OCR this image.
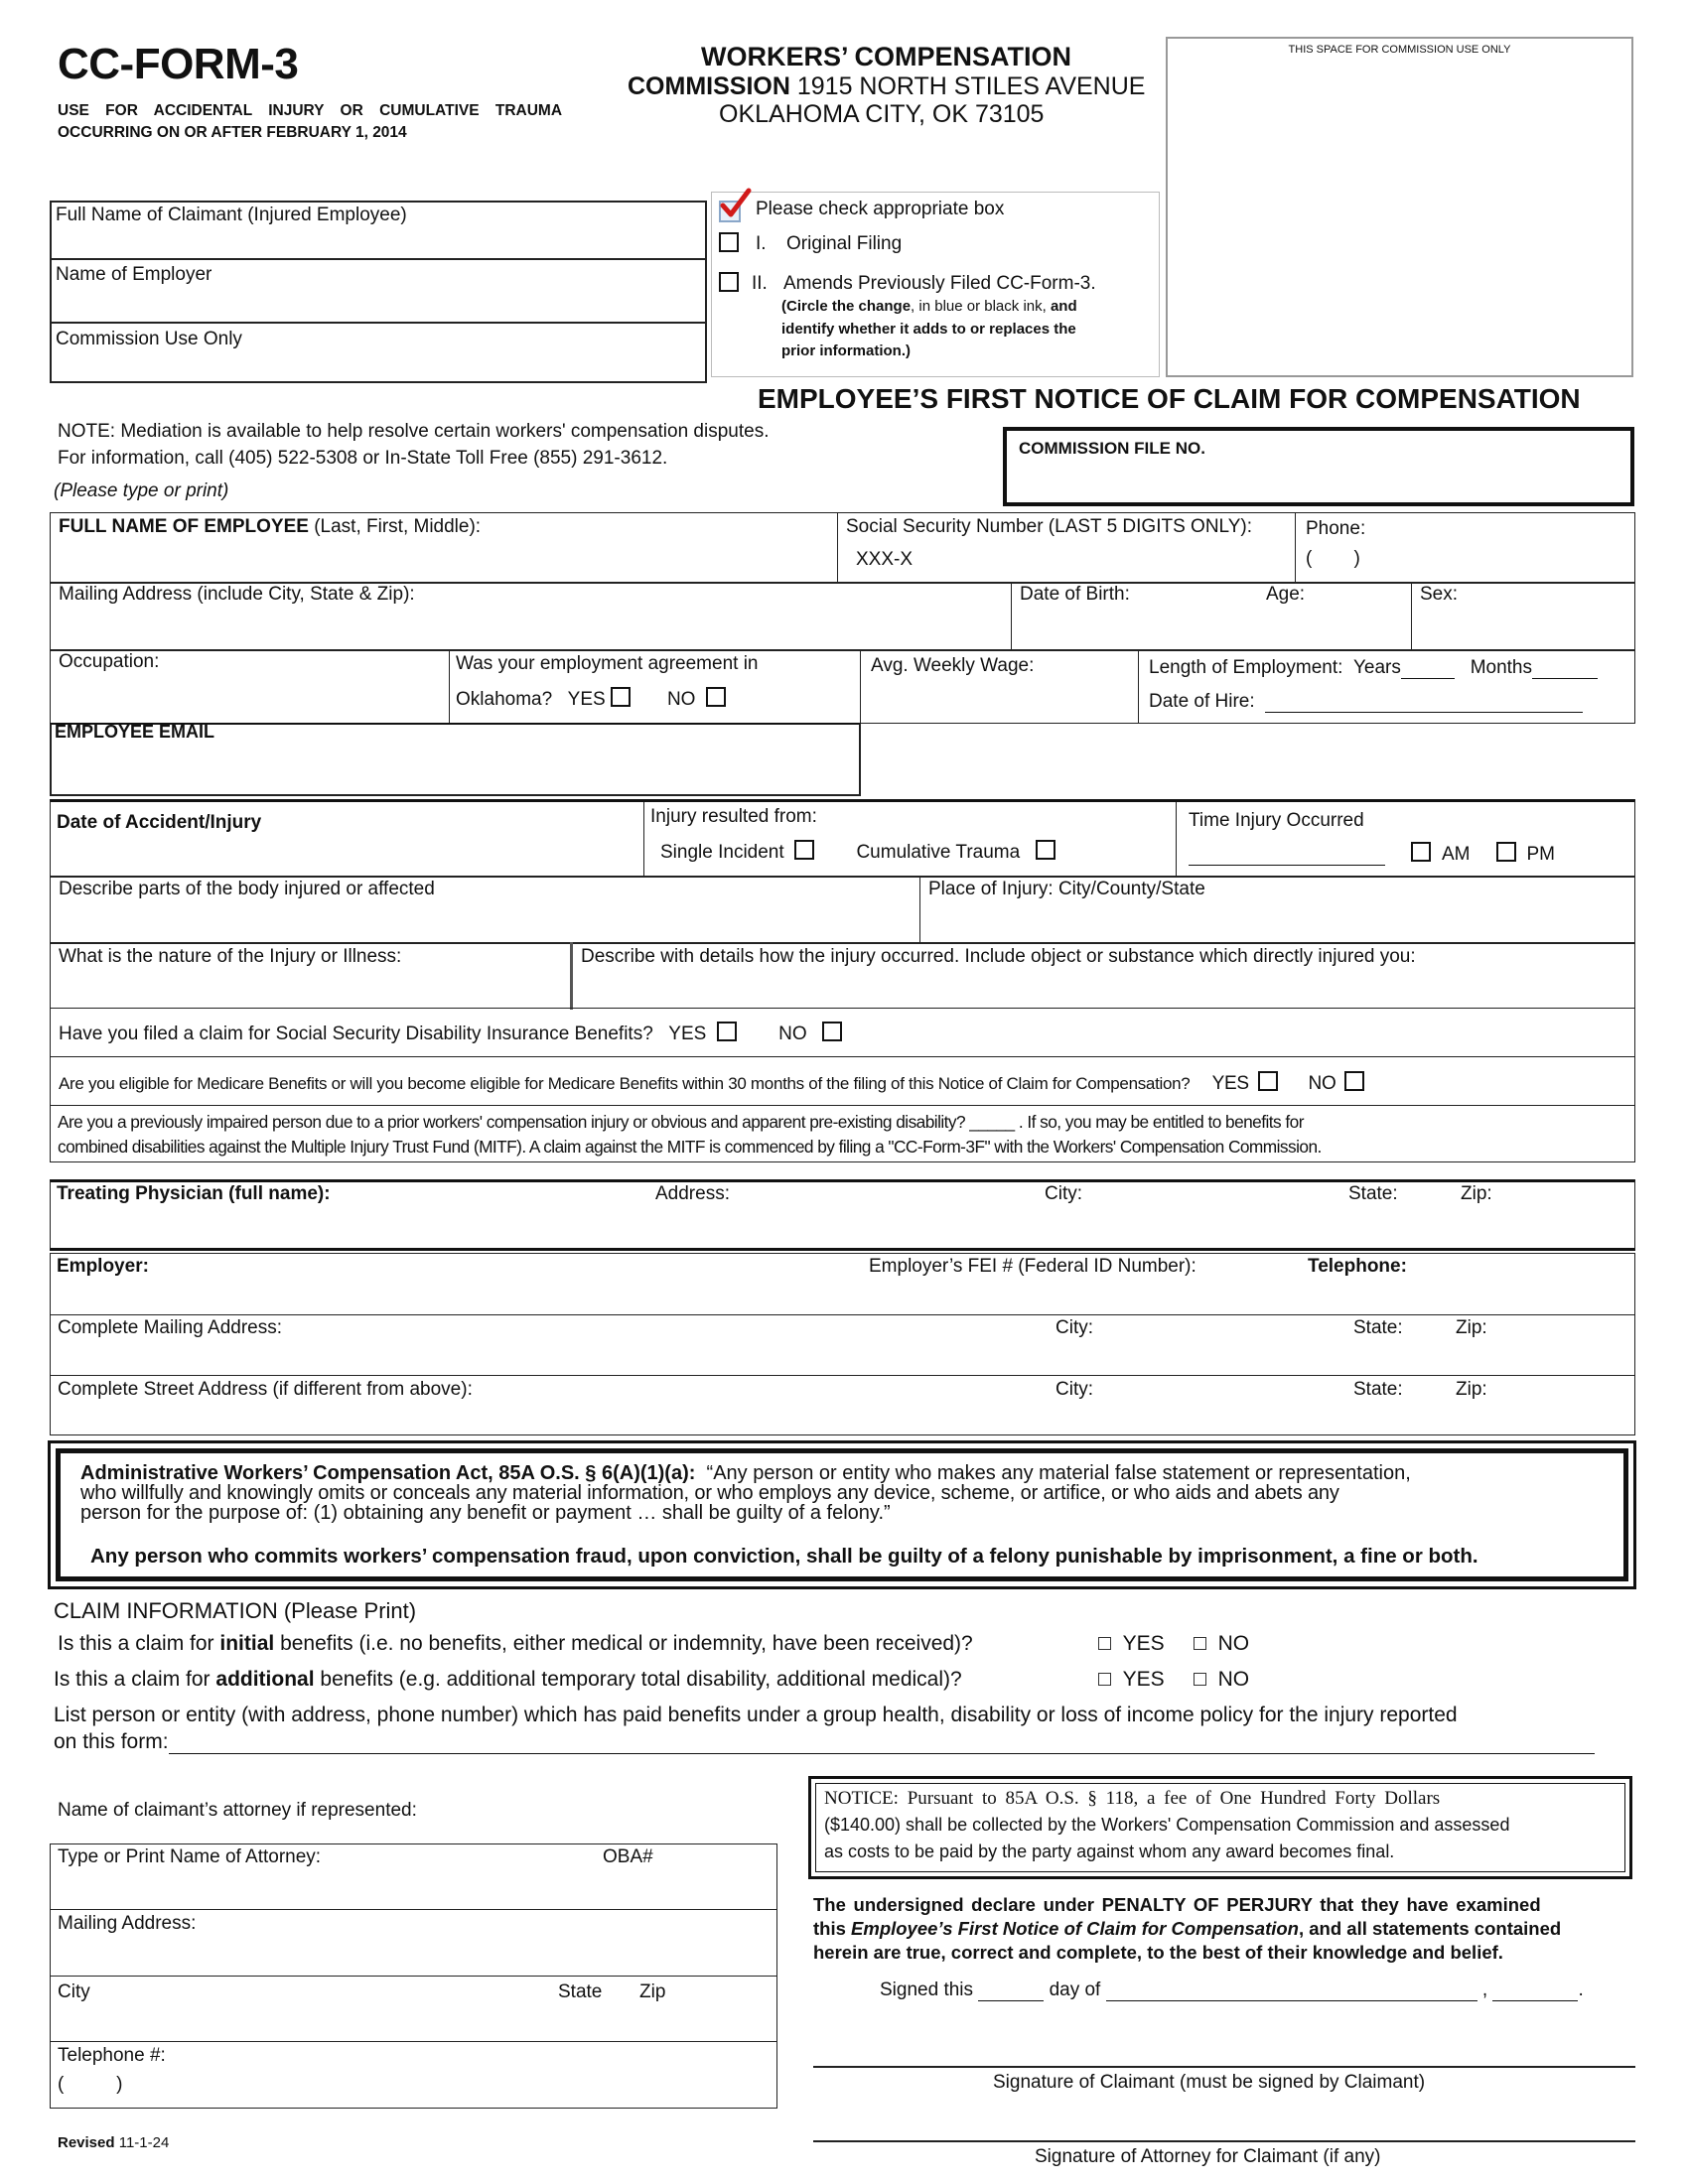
CC-FORM-3
USE FOR ACCIDENTAL INJURY OR CUMULATIVE TRAUMA
OCCURRING ON OR AFTER FEBRUARY 1, 2014
WORKERS’ COMPENSATION
COMMISSION 1915 NORTH STILES AVENUE
OKLAHOMA CITY, OK 73105
THIS SPACE FOR COMMISSION USE ONLY
Full Name of Claimant (Injured Employee)
Name of Employer
Commission Use Only
Please check appropriate box
I. Original Filing
II. Amends Previously Filed CC-Form-3.
(Circle the change, in blue or black ink, and
identify whether it adds to or replaces the
prior information.)
EMPLOYEE’S FIRST NOTICE OF CLAIM FOR COMPENSATION
NOTE: Mediation is available to help resolve certain workers' compensation disputes.
For information, call (405) 522-5308 or In-State Toll Free (855) 291-3612.
(Please type or print)
COMMISSION FILE NO.
FULL NAME OF EMPLOYEE (Last, First, Middle):	Social Security Number (LAST 5 DIGITS ONLY):
XXX-X
Phone:
(        )
Mailing Address (include City, State & Zip):	Date of Birth:	Age:	Sex:
Occupation:	Was your employment agreement in
Oklahoma? YES	NO
Avg. Weekly Wage:	Length of Employment: Years	Months
Date of Hire:
EMPLOYEE EMAIL
Date of Accident/Injury	Injury resulted from:
Single Incident	Cumulative Trauma
Time Injury Occurred
AM	PM
Describe parts of the body injured or affected	Place of Injury: City/County/State
What is the nature of the Injury or Illness:	Describe with details how the injury occurred. Include object or substance which directly injured you:
Have you filed a claim for Social Security Disability Insurance Benefits? YES	NO
Are you eligible for Medicare Benefits or will you become eligible for Medicare Benefits within 30 months of the filing of this Notice of Claim for Compensation? YES	NO
Are you a previously impaired person due to a prior workers' compensation injury or obvious and apparent pre-existing disability? _____ . If so, you may be entitled to benefits for
combined disabilities against the Multiple Injury Trust Fund (MITF). A claim against the MITF is commenced by filing a "CC-Form-3F" with the Workers' Compensation Commission.
Treating Physician (full name):	Address:	City:	State:	Zip:
Employer:	Employer’s FEI # (Federal ID Number):	Telephone:
Complete Mailing Address:	City:	State:	Zip:
Complete Street Address (if different from above):	City:	State:	Zip:
Administrative Workers’ Compensation Act, 85A O.S. § 6(A)(1)(a): “Any person or entity who makes any material false statement or representation,
who willfully and knowingly omits or conceals any material information, or who employs any device, scheme, or artifice, or who aids and abets any
person for the purpose of: (1) obtaining any benefit or payment … shall be guilty of a felony.”
Any person who commits workers’ compensation fraud, upon conviction, shall be guilty of a felony punishable by imprisonment, a fine or both.
CLAIM INFORMATION (Please Print)
Is this a claim for initial benefits (i.e. no benefits, either medical or indemnity, have been received)?	YES	NO
Is this a claim for additional benefits (e.g. additional temporary total disability, additional medical)?	YES	NO
List person or entity (with address, phone number) which has paid benefits under a group health, disability or loss of income policy for the injury reported
on this form:
Name of claimant’s attorney if represented:
Type or Print Name of Attorney:	OBA#
Mailing Address:
City	State Zip
Telephone #:
(          )
Revised 11-1-24
NOTICE: Pursuant to 85A O.S. § 118, a fee of One Hundred Forty Dollars
($140.00) shall be collected by the Workers' Compensation Commission and assessed
as costs to be paid by the party against whom any award becomes final.
The undersigned declare under PENALTY OF PERJURY that they have examined
this Employee’s First Notice of Claim for Compensation, and all statements contained
herein are true, correct and complete, to the best of their knowledge and belief.
Signed this	day of	,	.
Signature of Claimant (must be signed by Claimant)
Signature of Attorney for Claimant (if any)
